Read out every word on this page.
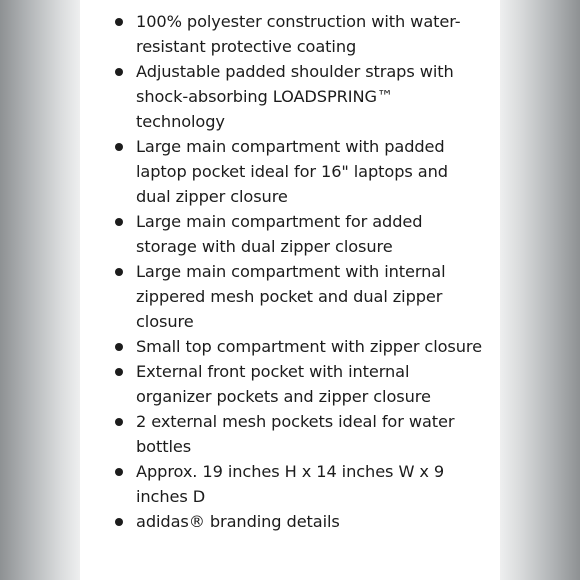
100% polyester construction with water-resistant protective coating
Adjustable padded shoulder straps with shock-absorbing LOADSPRING™ technology
Large main compartment with padded laptop pocket ideal for 16" laptops and dual zipper closure
Large main compartment for added storage with dual zipper closure
Large main compartment with internal zippered mesh pocket and dual zipper closure
Small top compartment with zipper closure
External front pocket with internal organizer pockets and zipper closure
2 external mesh pockets ideal for water bottles
Approx. 19 inches H x 14 inches W x 9 inches D
adidas® branding details
